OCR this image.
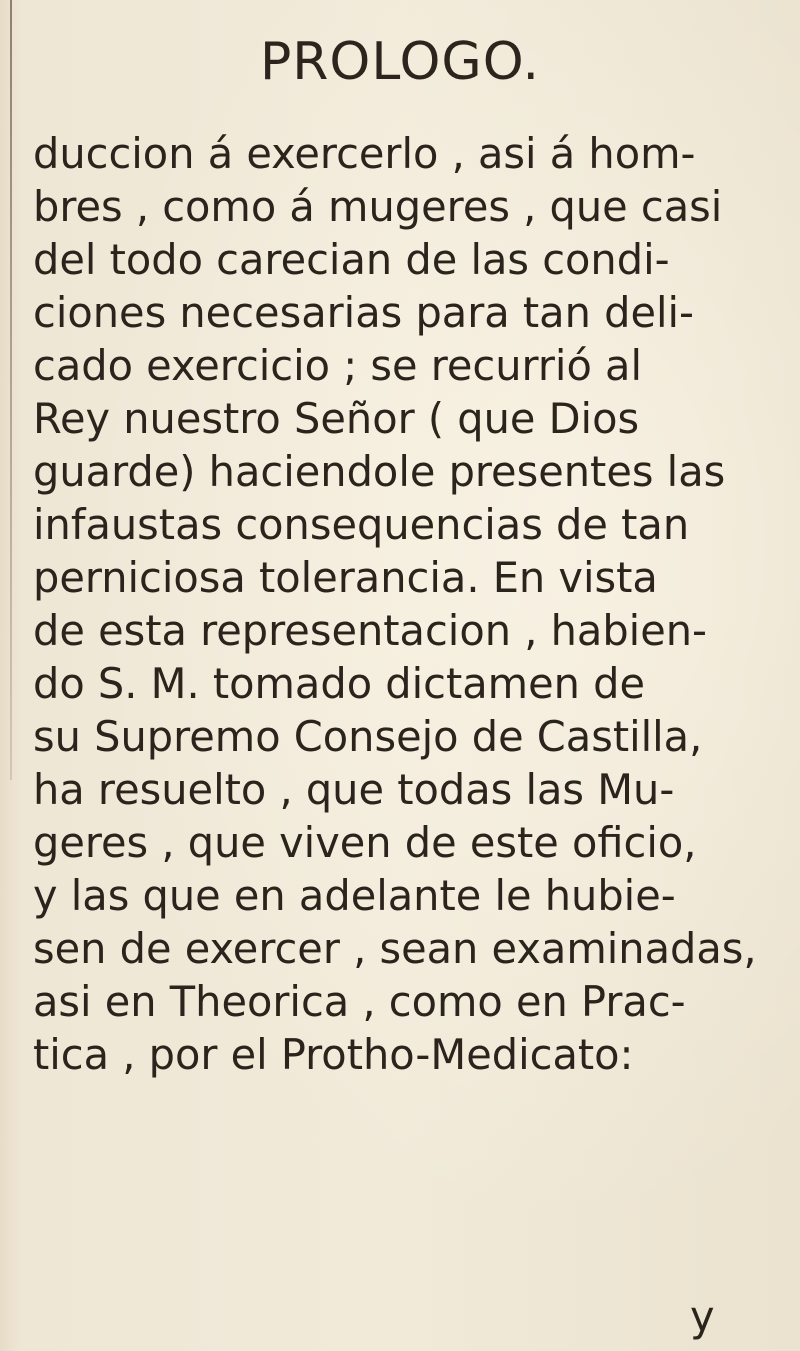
PROLOGO.
duccion á exercerlo , asi á hom-
bres , como á mugeres , que casi
del todo carecian de las condi-
ciones necesarias para tan deli-
cado exercicio ; se recurrió al
Rey nuestro Señor ( que Dios
guarde) haciendole presentes las
infaustas consequencias de tan
perniciosa tolerancia. En vista
de esta representacion , habien-
do S. M. tomado dictamen de
su Supremo Consejo de Castilla,
ha resuelto , que todas las Mu-
geres , que viven de este oficio,
y las que en adelante le hubie-
sen de exercer , sean examinadas,
asi en Theorica , como en Prac-
tica , por el Protho-Medicato:
y
